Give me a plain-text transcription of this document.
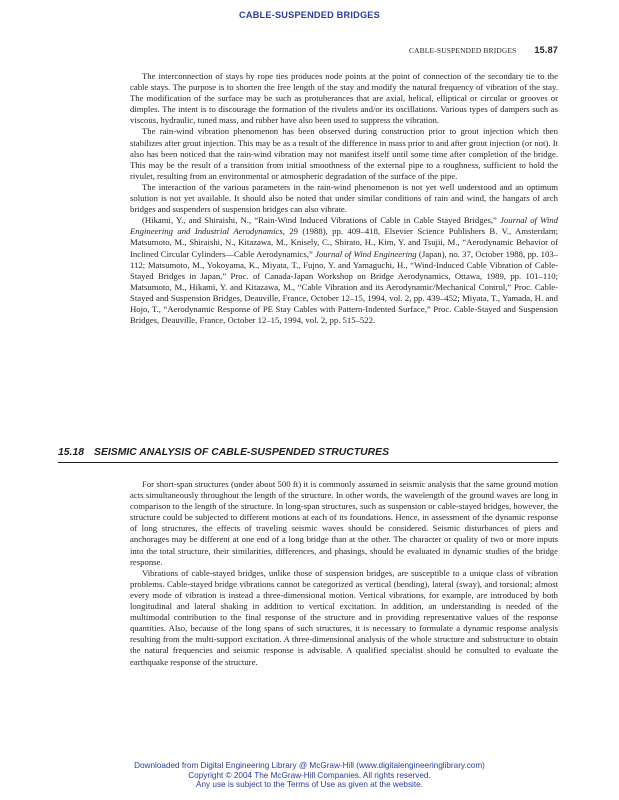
CABLE-SUSPENDED BRIDGES
CABLE-SUSPENDED BRIDGES 15.87

The interconnection of stays by rope ties produces node points at the point of connection of the secondary tie to the cable stays. The purpose is to shorten the free length of the stay and modify the natural frequency of vibration of the stay. The modification of the surface may be such as protuberances that are axial, helical, elliptical or circular or grooves or dimples. The intent is to discourage the formation of the rivulets and/or its oscillations. Various types of dampers such as viscous, hydraulic, tuned mass, and rubber have also been used to suppress the vibration.

The rain-wind vibration phenomenon has been observed during construction prior to grout injection which then stabilizes after grout injection. This may be as a result of the difference in mass prior to and after grout injection (or not). It also has been noticed that the rain-wind vibration may not manifest itself until some time after completion of the bridge. This may be the result of a transition from initial smoothness of the external pipe to a roughness, sufficient to hold the rivulet, resulting from an environmental or atmospheric degradation of the surface of the pipe.

The interaction of the various parameters in the rain-wind phenomenon is not yet well understood and an optimum solution is not yet available. It should also be noted that under similar conditions of rain and wind, the hangars of arch bridges and suspenders of suspension bridges can also vibrate.

(Hikami, Y., and Shiraishi, N., “Rain-Wind Induced Vibrations of Cable in Cable Stayed Bridges,” Journal of Wind Engineering and Industrial Aerodynamics, 29 (1988), pp. 409–418, Elsevier Science Publishers B. V., Amsterdam; Matsumoto, M., Shiraishi, N., Kitazawa, M., Knisely, C., Shirato, H., Kim, Y. and Tsujii, M., “Aerodynamic Behavior of Inclined Circular Cylinders—Cable Aerodynamics,” Journal of Wind Engineering (Japan), no. 37, October 1988, pp. 103–112; Matsumoto, M., Yokoyama, K., Miyata, T., Fujno, Y. and Yamaguchi, H., “Wind-Induced Cable Vibration of Cable-Stayed Bridges in Japan,” Proc. of Canada-Japan Workshop on Bridge Aerodynamics, Ottawa, 1989, pp. 101–110; Matsumoto, M., Hikami, Y. and Kitazawa, M., “Cable Vibration and its Aerodynamic/Mechanical Control,” Proc. Cable-Stayed and Suspension Bridges, Deauville, France, October 12–15, 1994, vol. 2, pp. 439–452; Miyata, T., Yamada, H. and Hojo, T., “Aerodynamic Response of PE Stay Cables with Pattern-Indented Surface,” Proc. Cable-Stayed and Suspension Bridges, Deauville, France, October 12–15, 1994, vol. 2, pp. 515–522.

15.18 SEISMIC ANALYSIS OF CABLE-SUSPENDED STRUCTURES

For short-span structures (under about 500 ft) it is commonly assumed in seismic analysis that the same ground motion acts simultaneously throughout the length of the structure. In other words, the wavelength of the ground waves are long in comparison to the length of the structure. In long-span structures, such as suspension or cable-stayed bridges, however, the structure could be subjected to different motions at each of its foundations. Hence, in assessment of the dynamic response of long structures, the effects of traveling seismic waves should be considered. Seismic disturbances of piers and anchorages may be different at one end of a long bridge than at the other. The character or quality of two or more inputs into the total structure, their similarities, differences, and phasings, should be evaluated in dynamic studies of the bridge response.

Vibrations of cable-stayed bridges, unlike those of suspension bridges, are susceptible to a unique class of vibration problems. Cable-stayed bridge vibrations cannot be categorized as vertical (bending), lateral (sway), and torsional; almost every mode of vibration is instead a three-dimensional motion. Vertical vibrations, for example, are introduced by both longitudinal and lateral shaking in addition to vertical excitation. In addition, an understanding is needed of the multimodal contribution to the final response of the structure and in providing representative values of the response quantities. Also, because of the long spans of such structures, it is necessary to formulate a dynamic response analysis resulting from the multi-support excitation. A three-dimensional analysis of the whole structure and substructure to obtain the natural frequencies and seismic response is advisable. A qualified specialist should be consulted to evaluate the earthquake response of the structure.

Downloaded from Digital Engineering Library @ McGraw-Hill (www.digitalengineeringlibrary.com)
Copyright © 2004 The McGraw-Hill Companies. All rights reserved.
Any use is subject to the Terms of Use as given at the website.
